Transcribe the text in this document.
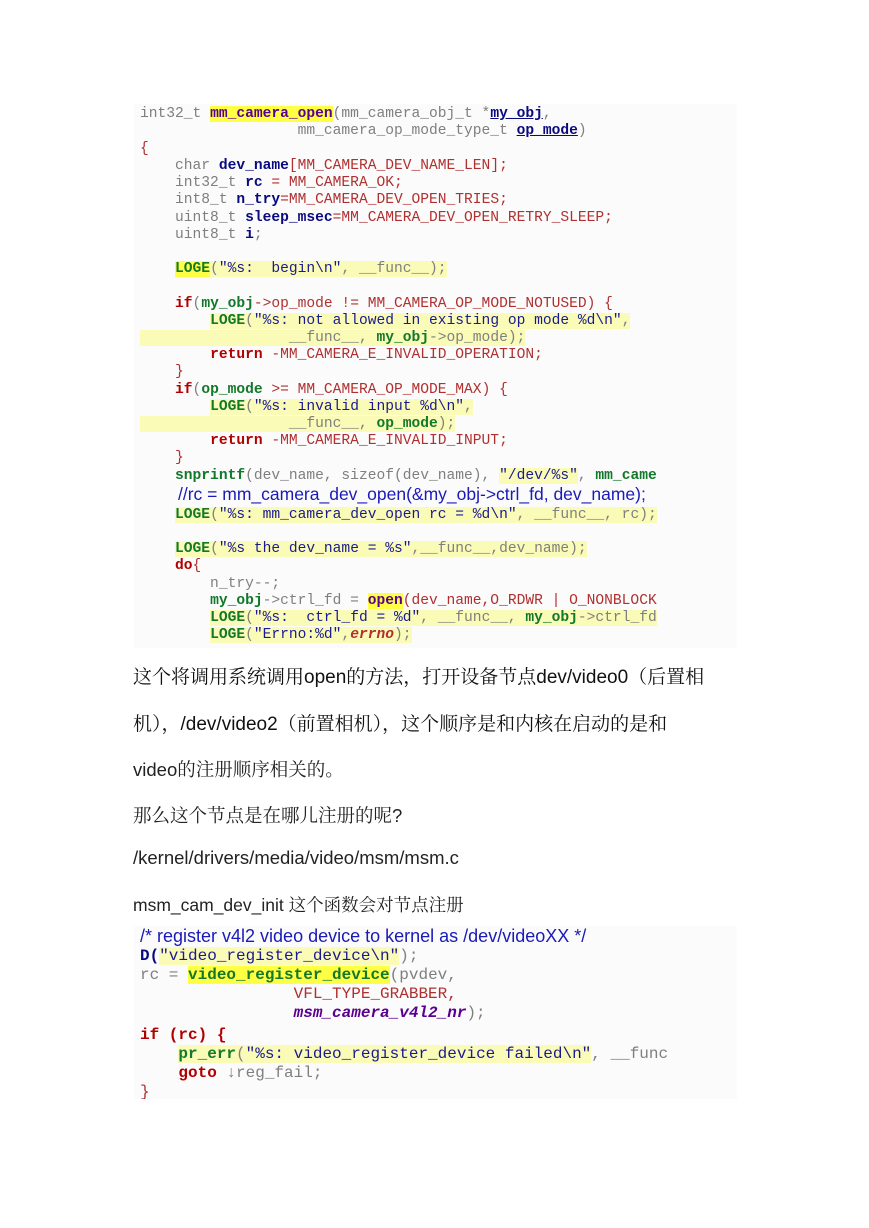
int32_t mm_camera_open(mm_camera_obj_t *my_obj,
mm_camera_op_mode_type_t op_mode)
{
char dev_name[MM_CAMERA_DEV_NAME_LEN];
int32_t rc = MM_CAMERA_OK;
int8_t n_try=MM_CAMERA_DEV_OPEN_TRIES;
uint8_t sleep_msec=MM_CAMERA_DEV_OPEN_RETRY_SLEEP;
uint8_t i;
LOGE("%s:  begin\n", __func__);
if(my_obj->op_mode != MM_CAMERA_OP_MODE_NOTUSED) {
LOGE("%s: not allowed in existing op mode %d\n",
__func__, my_obj->op_mode);
return -MM_CAMERA_E_INVALID_OPERATION;
}
if(op_mode >= MM_CAMERA_OP_MODE_MAX) {
LOGE("%s: invalid input %d\n",
__func__, op_mode);
return -MM_CAMERA_E_INVALID_INPUT;
}
snprintf(dev_name, sizeof(dev_name), "/dev/%s", mm_came
//rc = mm_camera_dev_open(&my_obj->ctrl_fd, dev_name);
LOGE("%s: mm_camera_dev_open rc = %d\n", __func__, rc);
LOGE("%s the dev_name = %s",__func__,dev_name);
do{
n_try--;
my_obj->ctrl_fd = open(dev_name,O_RDWR | O_NONBLOCK
LOGE("%s:  ctrl_fd = %d", __func__, my_obj->ctrl_fd
LOGE("Errno:%d",errno);
这个将调用系统调用open的方法，打开设备节点dev/video0（后置相
机），/dev/video2（前置相机），这个顺序是和内核在启动的是和
video的注册顺序相关的。
那么这个节点是在哪儿注册的呢?
/kernel/drivers/media/video/msm/msm.c
msm_cam_dev_init 这个函数会对节点注册
/* register v4l2 video device to kernel as /dev/videoXX */
D("video_register_device\n");
rc = video_register_device(pvdev,
VFL_TYPE_GRABBER,
msm_camera_v4l2_nr);
if (rc) {
pr_err("%s: video_register_device failed\n", __func
goto ↓reg_fail;
}
